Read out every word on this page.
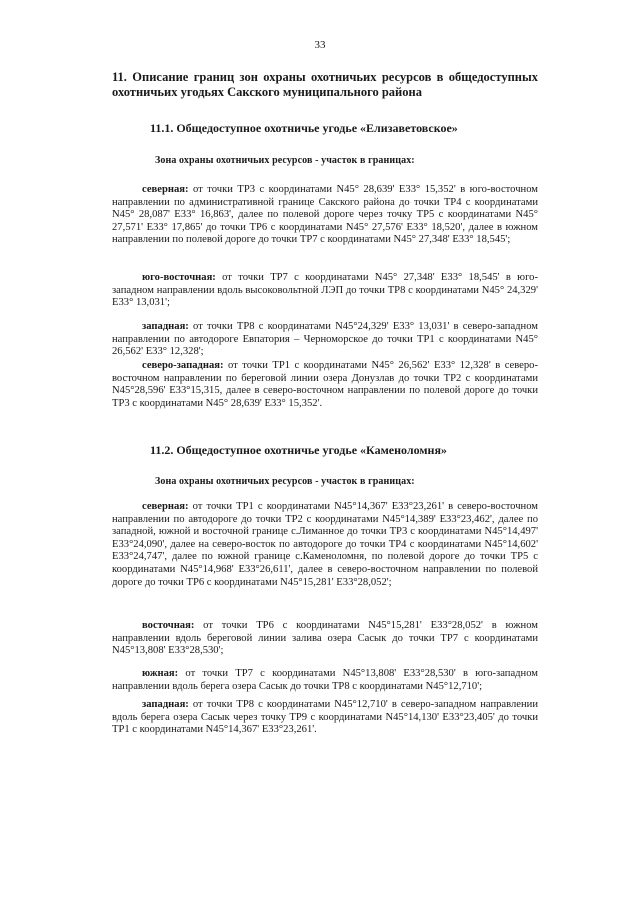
33
11. Описание границ зон охраны охотничьих ресурсов в общедоступных охотничьих угодьях Сакского муниципального района
11.1. Общедоступное охотничье угодье «Елизаветовское»
Зона охраны охотничьих ресурсов - участок в границах:
северная: от точки ТР3 с координатами N45° 28,639' E33° 15,352' в юго-восточном направлении по административной границе Сакского района до точки ТР4 с координатами N45° 28,087' E33° 16,863', далее по полевой дороге через точку ТР5 с координатами N45° 27,571' E33° 17,865' до точки ТР6 с координатами N45° 27,576' E33° 18,520', далее в южном направлении по полевой дороге до точки ТР7 с координатами N45° 27,348' E33° 18,545';
юго-восточная: от точки ТР7 с координатами N45° 27,348' E33° 18,545' в юго-западном направлении вдоль высоковольтной ЛЭП до точки ТР8 с координатами N45° 24,329' E33° 13,031';
западная: от точки ТР8 с координатами N45°24,329' E33° 13,031' в северо-западном направлении по автодороге Евпатория – Черноморское до точки ТР1 с координатами N45° 26,562' E33° 12,328';
северо-западная: от точки ТР1 с координатами N45° 26,562' E33° 12,328' в северо-восточном направлении по береговой линии озера Донузлав до точки ТР2 с координатами N45°28,596' E33°15,315, далее в северо-восточном направлении по полевой дороге до точки ТР3 с координатами N45° 28,639' E33° 15,352'.
11.2. Общедоступное охотничье угодье «Каменоломня»
Зона охраны охотничьих ресурсов - участок в границах:
северная: от точки ТР1 с координатами N45°14,367' E33°23,261' в северо-восточном направлении по автодороге до точки ТР2 с координатами N45°14,389' E33°23,462', далее по западной, южной и восточной границе с.Лиманное до точки ТР3 с координатами N45°14,497' E33°24,090', далее на северо-восток по автодороге до точки ТР4 с координатами N45°14,602' E33°24,747', далее по южной границе с.Каменоломня, по полевой дороге до точки ТР5 с координатами N45°14,968' E33°26,611', далее в северо-восточном направлении по полевой дороге до точки ТР6 с координатами N45°15,281' E33°28,052';
восточная: от точки ТР6 с координатами N45°15,281' E33°28,052' в южном направлении вдоль береговой линии залива озера Сасык до точки ТР7 с координатами N45°13,808' E33°28,530';
южная: от точки ТР7 с координатами N45°13,808' E33°28,530' в юго-западном направлении вдоль берега озера Сасык до точки ТР8 с координатами N45°12,710';
западная: от точки ТР8 с координатами N45°12,710' в северо-западном направлении вдоль берега озера Сасык через точку ТР9 с координатами N45°14,130' E33°23,405' до точки ТР1 с координатами N45°14,367' E33°23,261'.
